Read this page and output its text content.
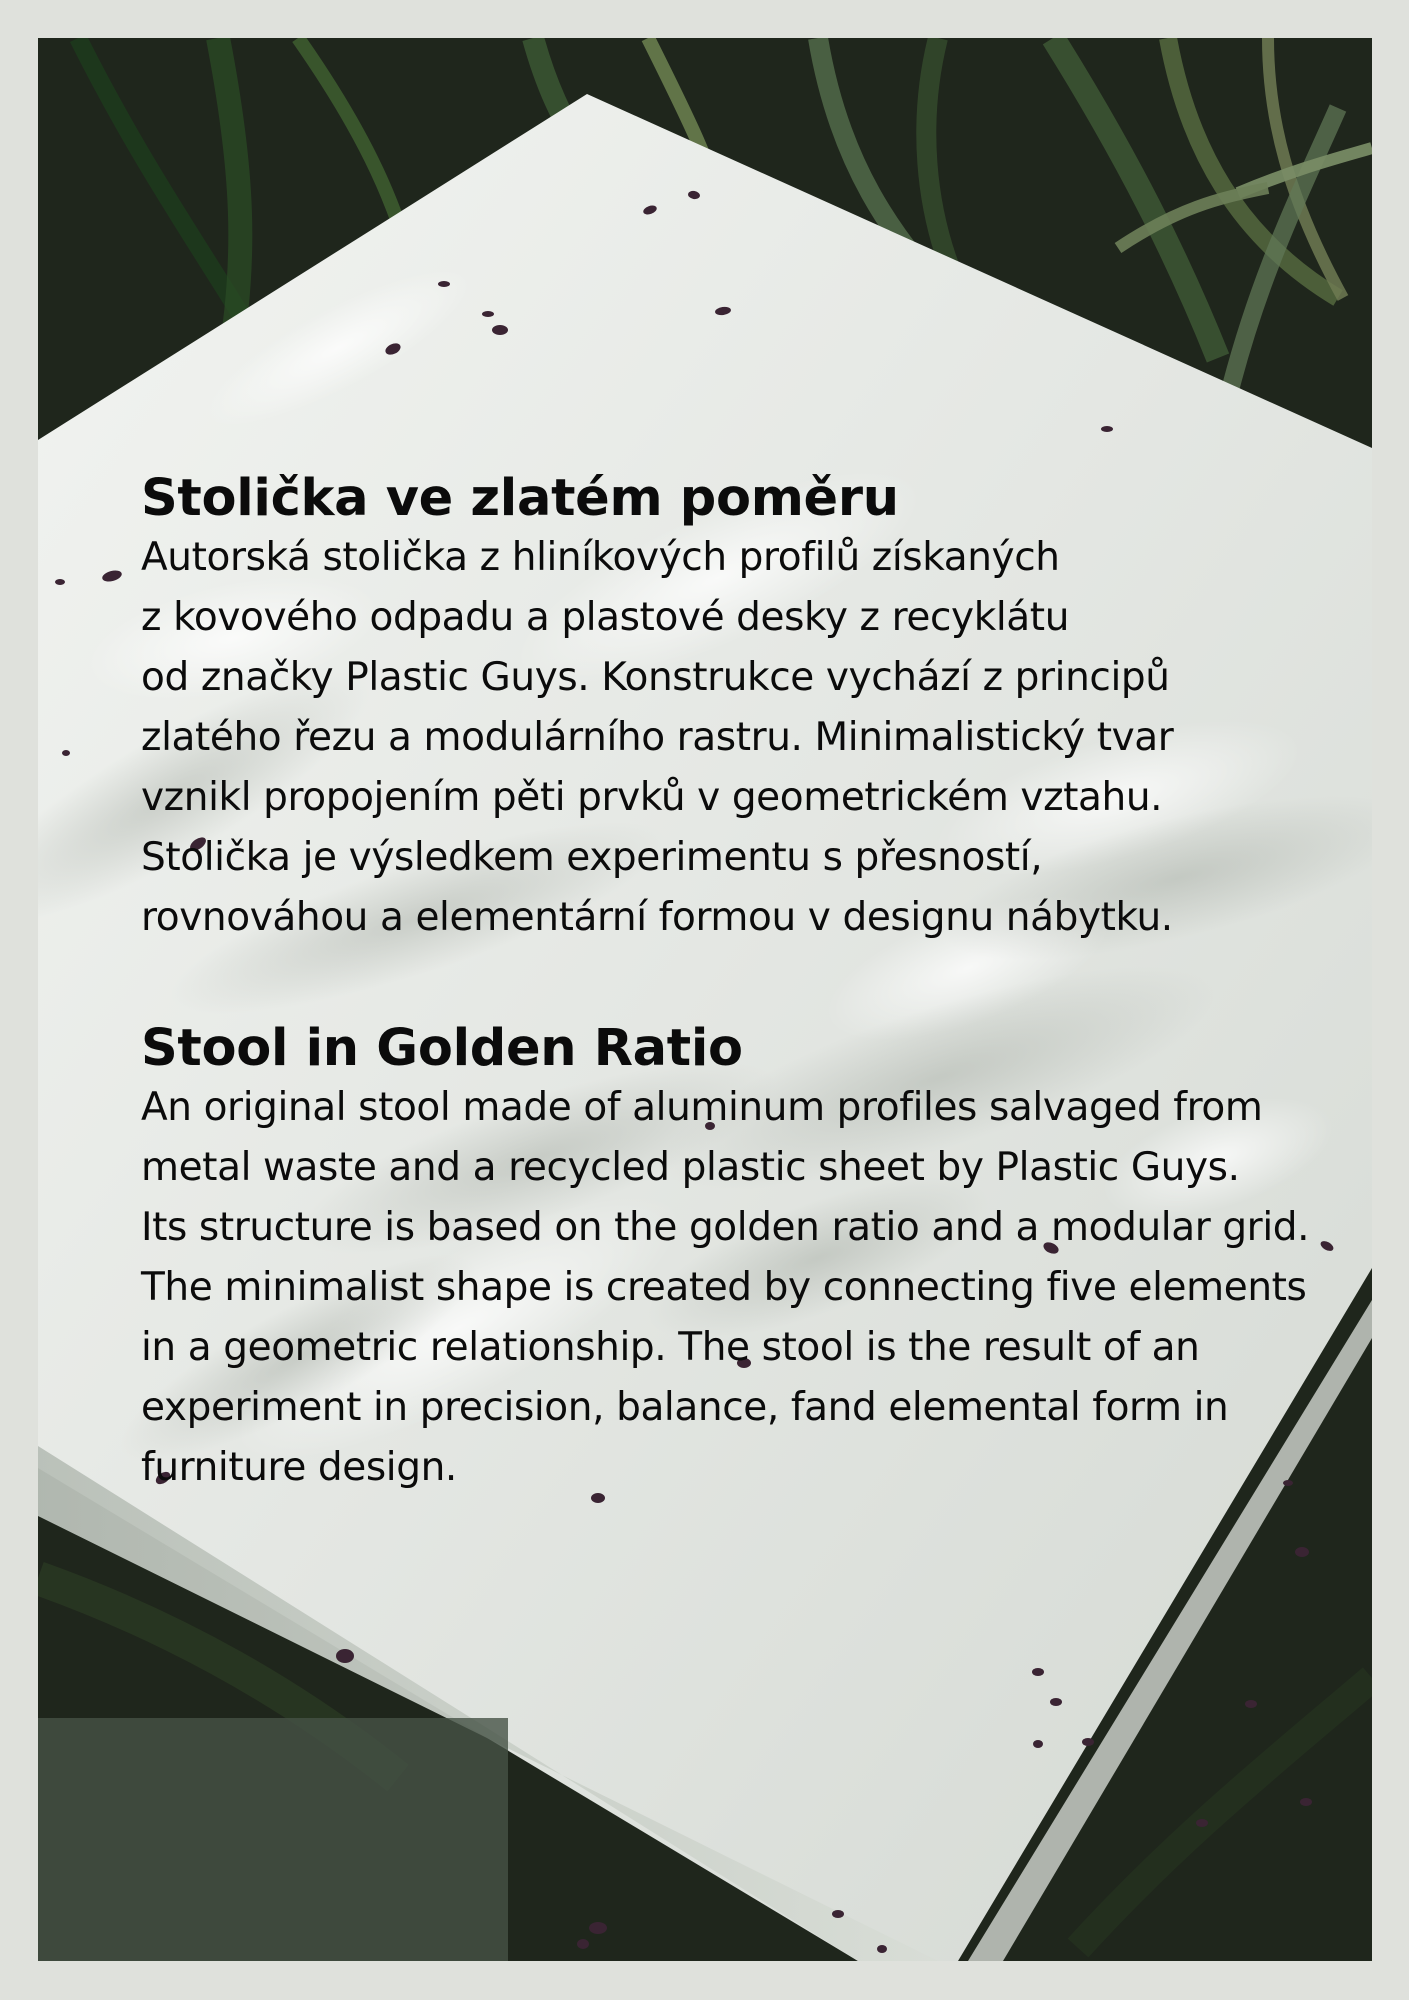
Stolička ve zlatém poměru

Autorská stolička z hliníkových profilů získaných
z kovového odpadu a plastové desky z recyklátu
od značky Plastic Guys. Konstrukce vychází z principů
zlatého řezu a modulárního rastru. Minimalistický tvar
vznikl propojením pěti prvků v geometrickém vztahu.
Stolička je výsledkem experimentu s přesností,
rovnováhou a elementární formou v designu nábytku.

Stool in Golden Ratio

An original stool made of aluminum profiles salvaged from
metal waste and a recycled plastic sheet by Plastic Guys.
Its structure is based on the golden ratio and a modular grid.
The minimalist shape is created by connecting five elements
in a geometric relationship. The stool is the result of an
experiment in precision, balance, fand elemental form in
furniture design.
